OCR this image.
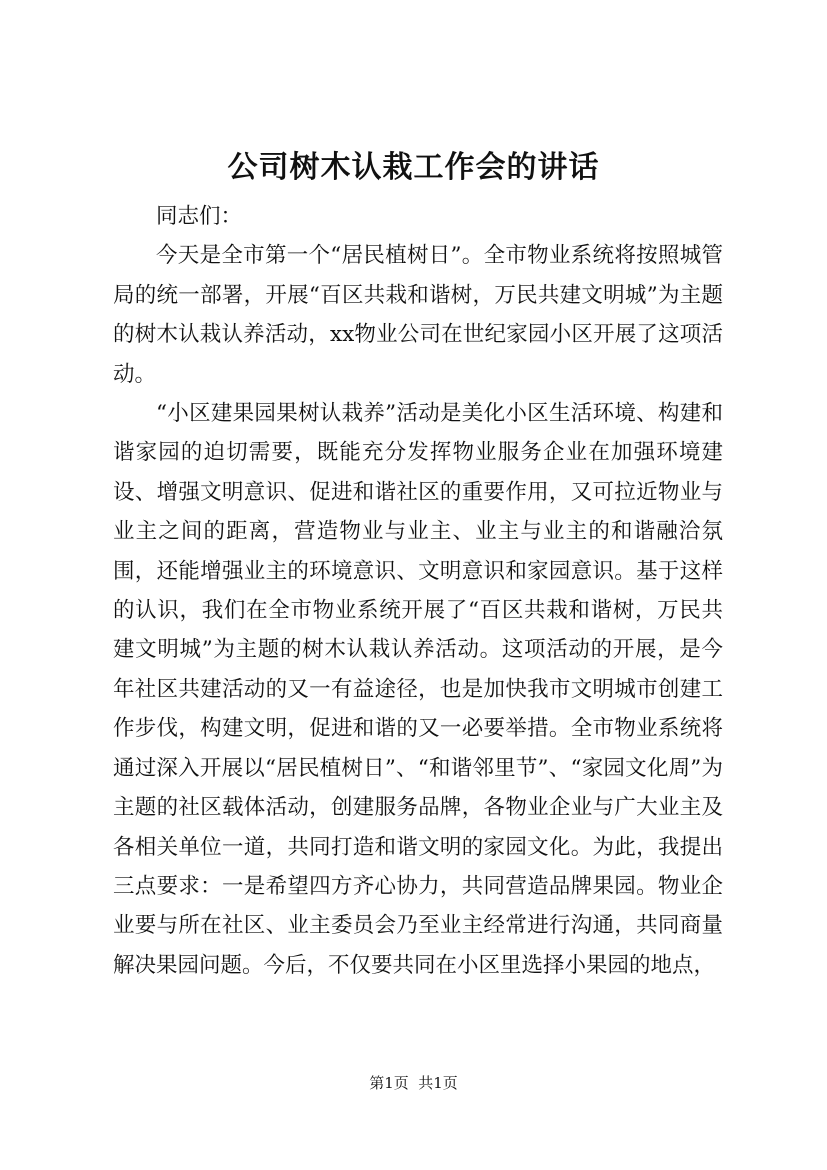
公司树木认栽工作会的讲话

同志们：

今天是全市第一个“居民植树日”。全市物业系统将按照城管局的统一部署，开展“百区共栽和谐树，万民共建文明城”为主题的树木认栽认养活动，xx物业公司在世纪家园小区开展了这项活动。

“小区建果园果树认栽养”活动是美化小区生活环境、构建和谐家园的迫切需要，既能充分发挥物业服务企业在加强环境建设、增强文明意识、促进和谐社区的重要作用，又可拉近物业与业主之间的距离，营造物业与业主、业主与业主的和谐融洽氛围，还能增强业主的环境意识、文明意识和家园意识。基于这样的认识，我们在全市物业系统开展了“百区共栽和谐树，万民共建文明城”为主题的树木认栽认养活动。这项活动的开展，是今年社区共建活动的又一有益途径，也是加快我市文明城市创建工作步伐，构建文明，促进和谐的又一必要举措。全市物业系统将通过深入开展以“居民植树日”、“和谐邻里节”、“家园文化周”为主题的社区载体活动，创建服务品牌，各物业企业与广大业主及各相关单位一道，共同打造和谐文明的家园文化。为此，我提出三点要求：一是希望四方齐心协力，共同营造品牌果园。物业企业要与所在社区、业主委员会乃至业主经常进行沟通，共同商量解决果园问题。今后，不仅要共同在小区里选择小果园的地点，

第1页  共1页
